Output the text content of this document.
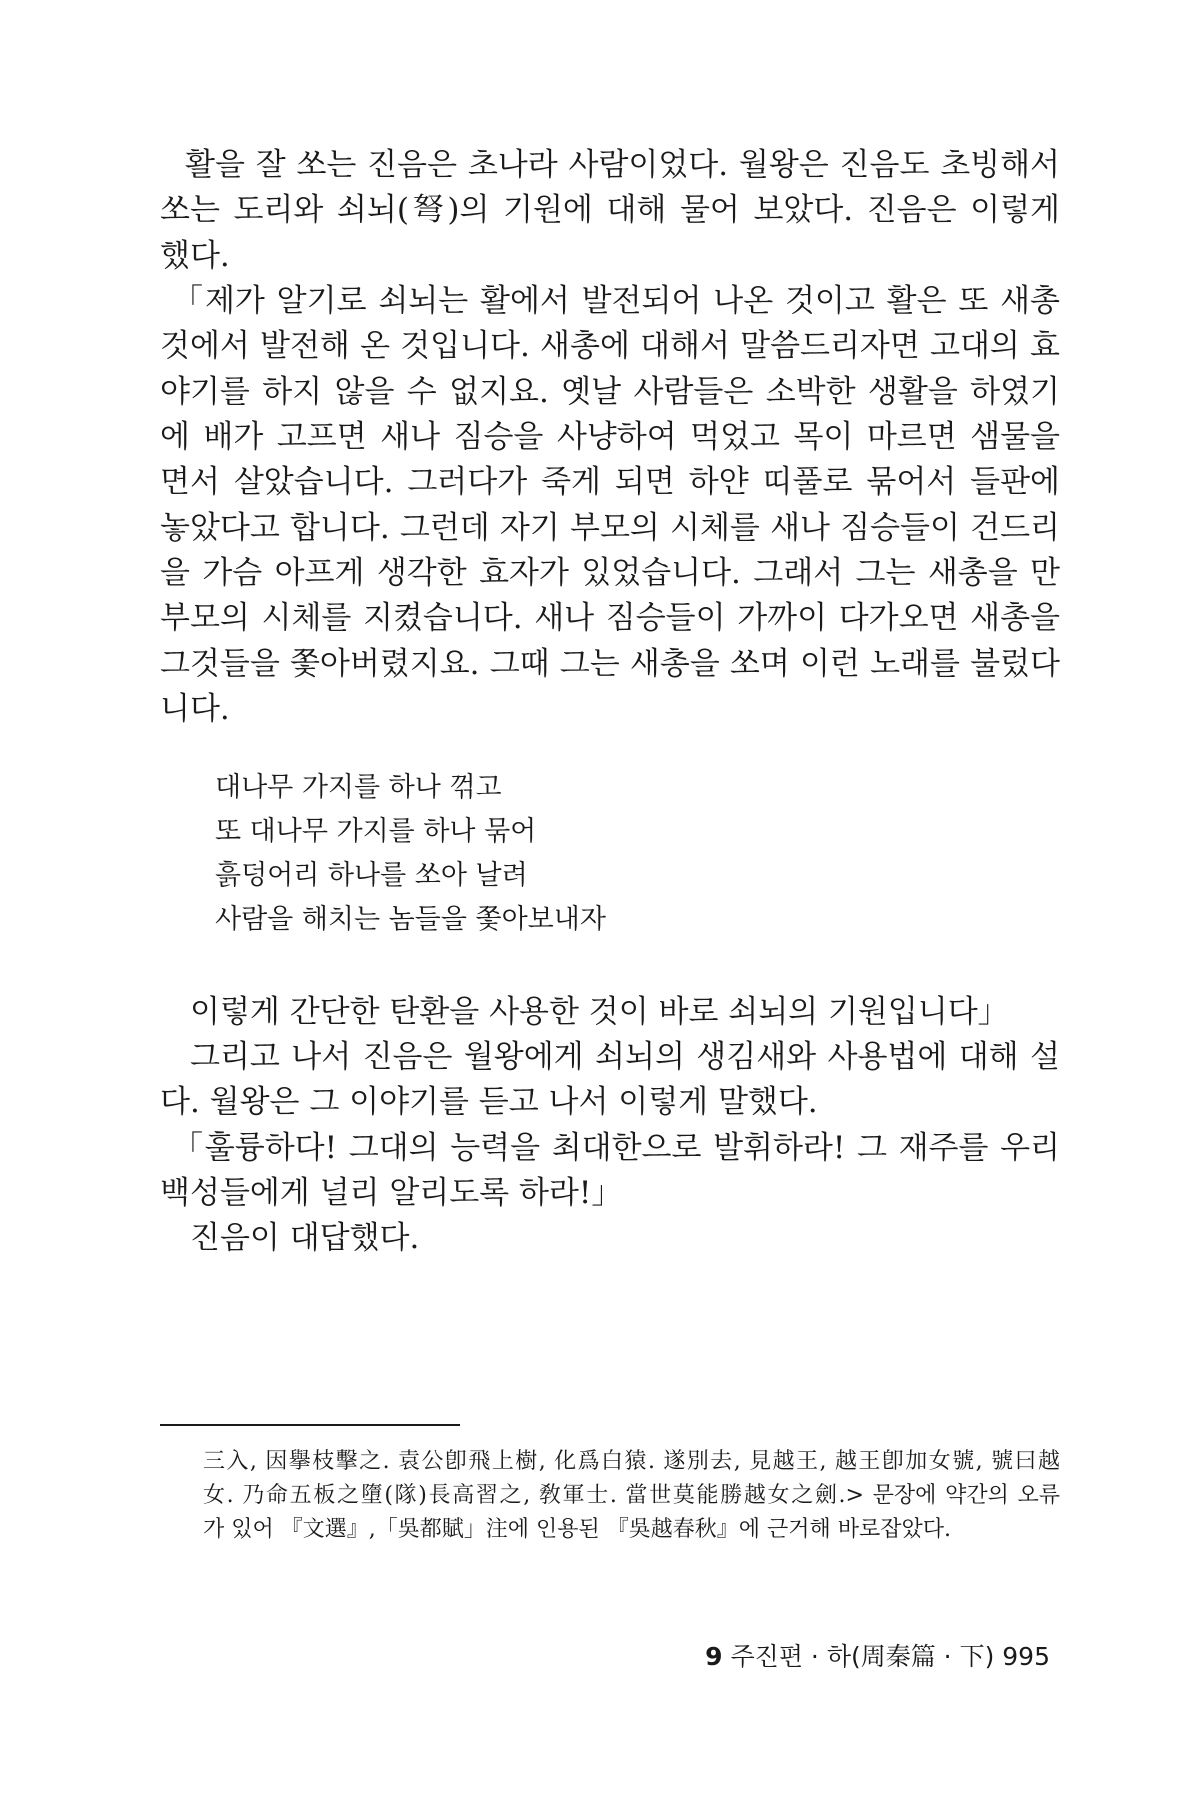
활을 잘 쏘는 진음은 초나라 사람이었다. 월왕은 진음도 초빙해서
쏘는 도리와 쇠뇌(弩)의 기원에 대해 물어 보았다. 진음은 이렇게
했다.
「제가 알기로 쇠뇌는 활에서 발전되어 나온 것이고 활은 또 새총
것에서 발전해 온 것입니다. 새총에 대해서 말씀드리자면 고대의 효
야기를 하지 않을 수 없지요. 옛날 사람들은 소박한 생활을 하였기
에 배가 고프면 새나 짐승을 사냥하여 먹었고 목이 마르면 샘물을
면서 살았습니다. 그러다가 죽게 되면 하얀 띠풀로 묶어서 들판에
놓았다고 합니다. 그런데 자기 부모의 시체를 새나 짐승들이 건드리
을 가슴 아프게 생각한 효자가 있었습니다. 그래서 그는 새총을 만
부모의 시체를 지켰습니다. 새나 짐승들이 가까이 다가오면 새총을
그것들을 쫓아버렸지요. 그때 그는 새총을 쏘며 이런 노래를 불렀다
니다.
대나무 가지를 하나 꺾고
또 대나무 가지를 하나 묶어
흙덩어리 하나를 쏘아 날려
사람을 해치는 놈들을 쫓아보내자
이렇게 간단한 탄환을 사용한 것이 바로 쇠뇌의 기원입니다」
그리고 나서 진음은 월왕에게 쇠뇌의 생김새와 사용법에 대해 설
다. 월왕은 그 이야기를 듣고 나서 이렇게 말했다.
「훌륭하다! 그대의 능력을 최대한으로 발휘하라! 그 재주를 우리
백성들에게 널리 알리도록 하라!」
진음이 대답했다.
三入, 因擧枝擊之. 袁公卽飛上樹, 化爲白猿. 遂別去, 見越王, 越王卽加女號, 號曰越
女. 乃命五板之墮(隊)長高習之, 敎軍士. 當世莫能勝越女之劍.> 문장에 약간의 오류
가 있어 『文選』,「吳都賦」注에 인용된 『吳越春秋』에 근거해 바로잡았다.
9 주진편 · 하(周秦篇 · 下) 995
